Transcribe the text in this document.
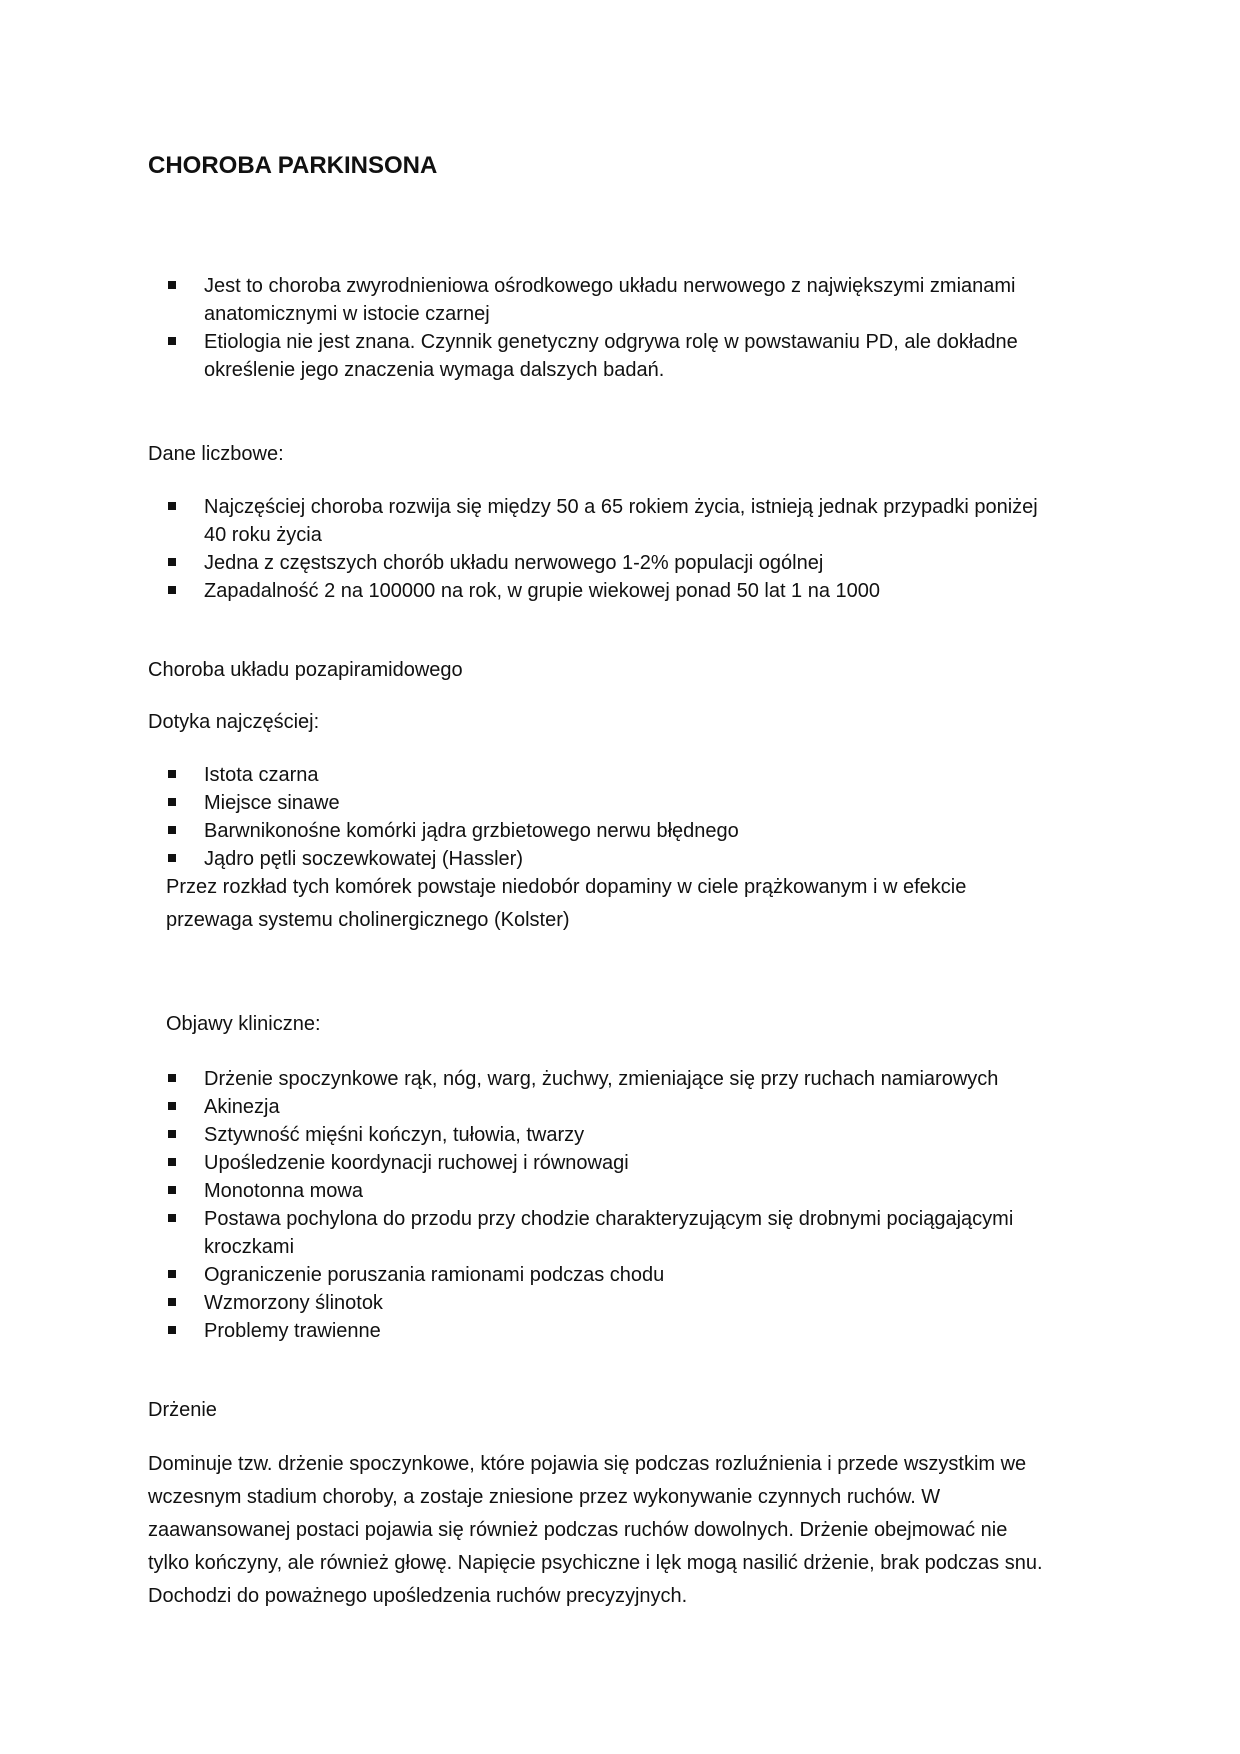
CHOROBA PARKINSONA
Jest to choroba zwyrodnieniowa ośrodkowego układu nerwowego z największymi zmianami
anatomicznymi w istocie czarnej
Etiologia nie jest znana. Czynnik genetyczny odgrywa rolę w powstawaniu PD, ale dokładne
określenie jego znaczenia wymaga dalszych badań.
Dane liczbowe:
Najczęściej choroba rozwija się między 50 a 65 rokiem życia, istnieją jednak przypadki poniżej
40 roku życia
Jedna z częstszych chorób układu nerwowego 1-2% populacji ogólnej
Zapadalność 2 na 100000 na rok, w grupie wiekowej ponad 50 lat 1 na 1000
Choroba układu pozapiramidowego
Dotyka najczęściej:
Istota czarna
Miejsce sinawe
Barwnikonośne komórki jądra grzbietowego nerwu błędnego
Jądro pętli soczewkowatej (Hassler)
Przez rozkład tych komórek powstaje niedobór dopaminy w ciele prążkowanym i w efekcie
przewaga systemu cholinergicznego (Kolster)
Objawy kliniczne:
Drżenie spoczynkowe rąk, nóg, warg, żuchwy, zmieniające się przy ruchach namiarowych
Akinezja
Sztywność mięśni kończyn, tułowia, twarzy
Upośledzenie koordynacji ruchowej i równowagi
Monotonna mowa
Postawa pochylona do przodu przy chodzie charakteryzującym się drobnymi pociągającymi
kroczkami
Ograniczenie poruszania ramionami podczas chodu
Wzmorzony ślinotok
Problemy trawienne
Drżenie
Dominuje tzw. drżenie spoczynkowe, które pojawia się podczas rozluźnienia i przede wszystkim we
wczesnym stadium choroby, a zostaje zniesione przez wykonywanie czynnych ruchów. W
zaawansowanej postaci pojawia się również podczas ruchów dowolnych. Drżenie obejmować nie
tylko kończyny, ale również głowę. Napięcie psychiczne i lęk mogą nasilić drżenie, brak podczas snu.
Dochodzi do poważnego upośledzenia ruchów precyzyjnych.
